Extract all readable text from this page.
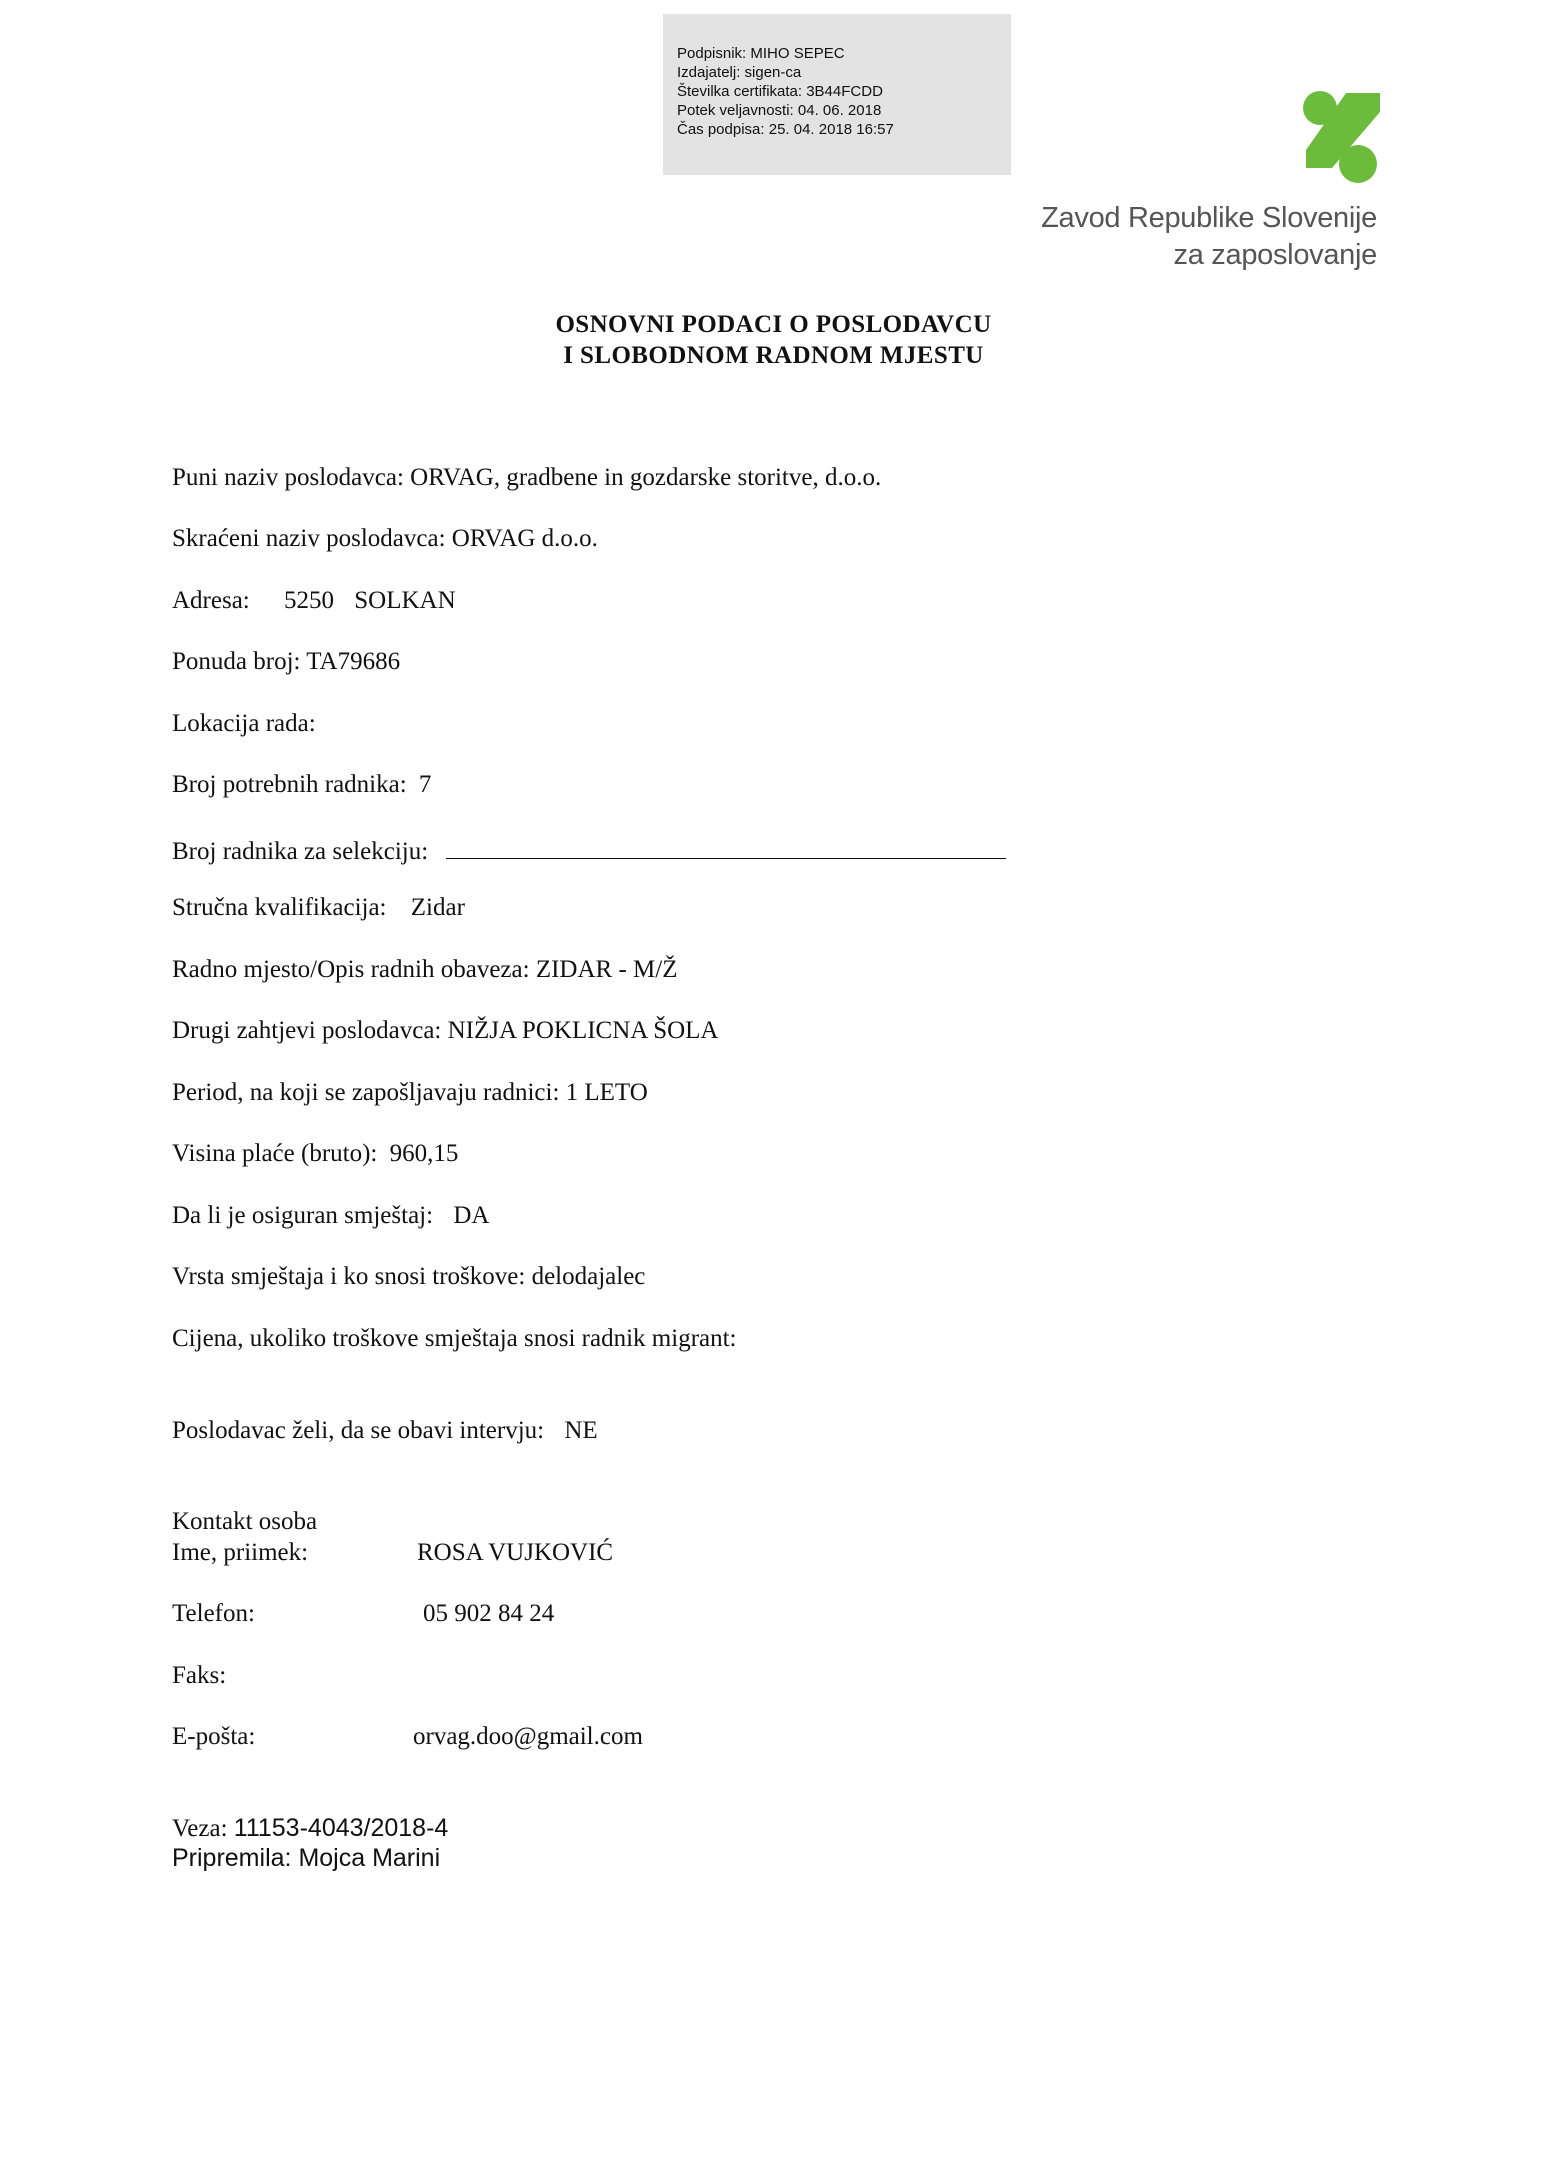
Podpisnik: MIHO SEPEC
Izdajatelj: sigen-ca
Številka certifikata: 3B44FCDD
Potek veljavnosti: 04. 06. 2018
Čas podpisa: 25. 04. 2018 16:57
Zavod Republike Slovenije
za zaposlovanje
OSNOVNI PODACI O POSLODAVCU
I SLOBODNOM RADNOM MJESTU
Puni naziv poslodavca: ORVAG, gradbene in gozdarske storitve, d.o.o.
Skraćeni naziv poslodavca: ORVAG d.o.o.
Adresa: 5250 SOLKAN
Ponuda broj: TA79686
Lokacija rada:
Broj potrebnih radnika: 7
Broj radnika za selekciju:
Stručna kvalifikacija: Zidar
Radno mjesto/Opis radnih obaveza: ZIDAR - M/Ž
Drugi zahtjevi poslodavca: NIŽJA POKLICNA ŠOLA
Period, na koji se zapošljavaju radnici: 1 LETO
Visina plaće (bruto): 960,15
Da li je osiguran smještaj: DA
Vrsta smještaja i ko snosi troškove: delodajalec
Cijena, ukoliko troškove smještaja snosi radnik migrant:
Poslodavac želi, da se obavi intervju: NE
Kontakt osoba
Ime, priimek:	ROSA VUJKOVIĆ
Telefon:	05 902 84 24
Faks:
E-pošta:	orvag.doo@gmail.com
Veza: 11153-4043/2018-4
Pripremila: Mojca Marini
